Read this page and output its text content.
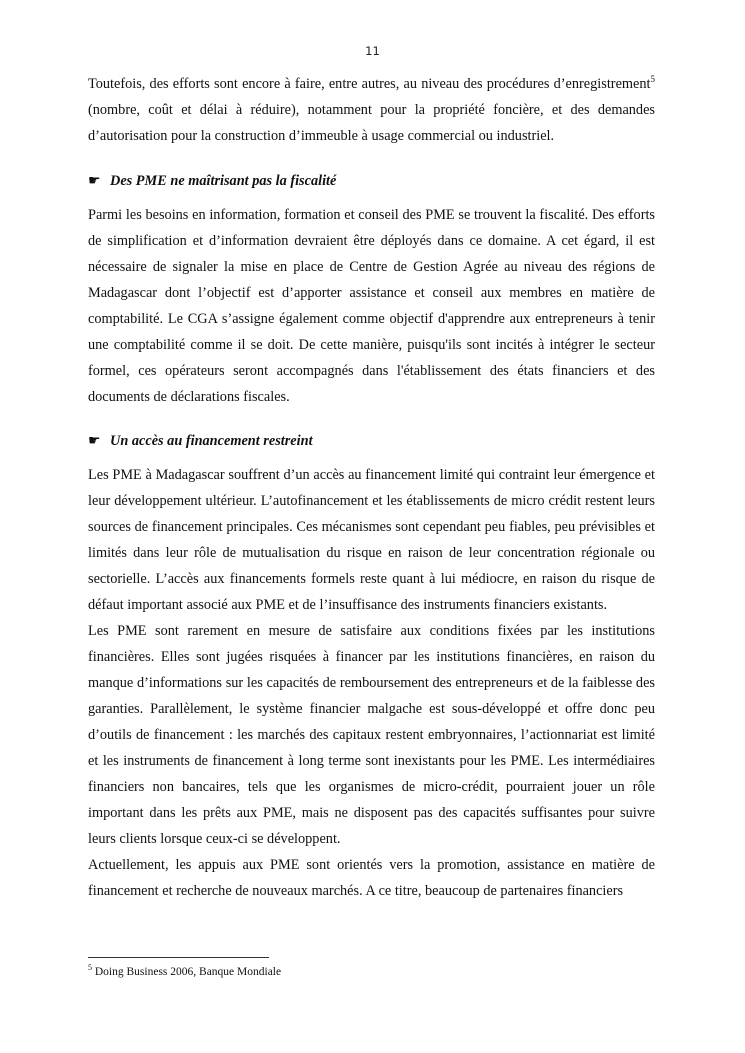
11

Toutefois, des efforts sont encore à faire, entre autres, au niveau des procédures d’enregistrement$^5$ (nombre, coût et délai à réduire), notamment pour la propriété foncière, et des demandes d’autorisation pour la construction d’immeuble à usage commercial ou industriel.

☛ Des PME ne maîtrisant pas la fiscalité

Parmi les besoins en information, formation et conseil des PME se trouvent la fiscalité. Des efforts de simplification et d’information devraient être déployés dans ce domaine. A cet égard, il est nécessaire de signaler la mise en place de Centre de Gestion Agrée au niveau des régions de Madagascar dont l’objectif est d’apporter assistance et conseil aux membres en matière de comptabilité. Le CGA s’assigne également comme objectif d'apprendre aux entrepreneurs à tenir une comptabilité comme il se doit. De cette manière, puisqu'ils sont incités à intégrer le secteur formel, ces opérateurs seront accompagnés dans l'établissement des états financiers et des documents de déclarations fiscales.

☛ Un accès au financement restreint

Les PME à Madagascar souffrent d’un accès au financement limité qui contraint leur émergence et leur développement ultérieur. L’autofinancement et les établissements de micro crédit restent leurs sources de financement principales. Ces mécanismes sont cependant peu fiables, peu prévisibles et limités dans leur rôle de mutualisation du risque en raison de leur concentration régionale ou sectorielle. L’accès aux financements formels reste quant à lui médiocre, en raison du risque de défaut important associé aux PME et de l’insuffisance des instruments financiers existants.

Les PME sont rarement en mesure de satisfaire aux conditions fixées par les institutions financières. Elles sont jugées risquées à financer par les institutions financières, en raison du manque d’informations sur les capacités de remboursement des entrepreneurs et de la faiblesse des garanties. Parallèlement, le système financier malgache est sous-développé et offre donc peu d’outils de financement : les marchés des capitaux restent embryonnaires, l’actionnariat est limité et les instruments de financement à long terme sont inexistants pour les PME. Les intermédiaires financiers non bancaires, tels que les organismes de micro-crédit, pourraient jouer un rôle important dans les prêts aux PME, mais ne disposent pas des capacités suffisantes pour suivre leurs clients lorsque ceux-ci se développent.

Actuellement, les appuis aux PME sont orientés vers la promotion, assistance en matière de financement et recherche de nouveaux marchés. A ce titre, beaucoup de partenaires financiers

$^5$ Doing Business 2006, Banque Mondiale
